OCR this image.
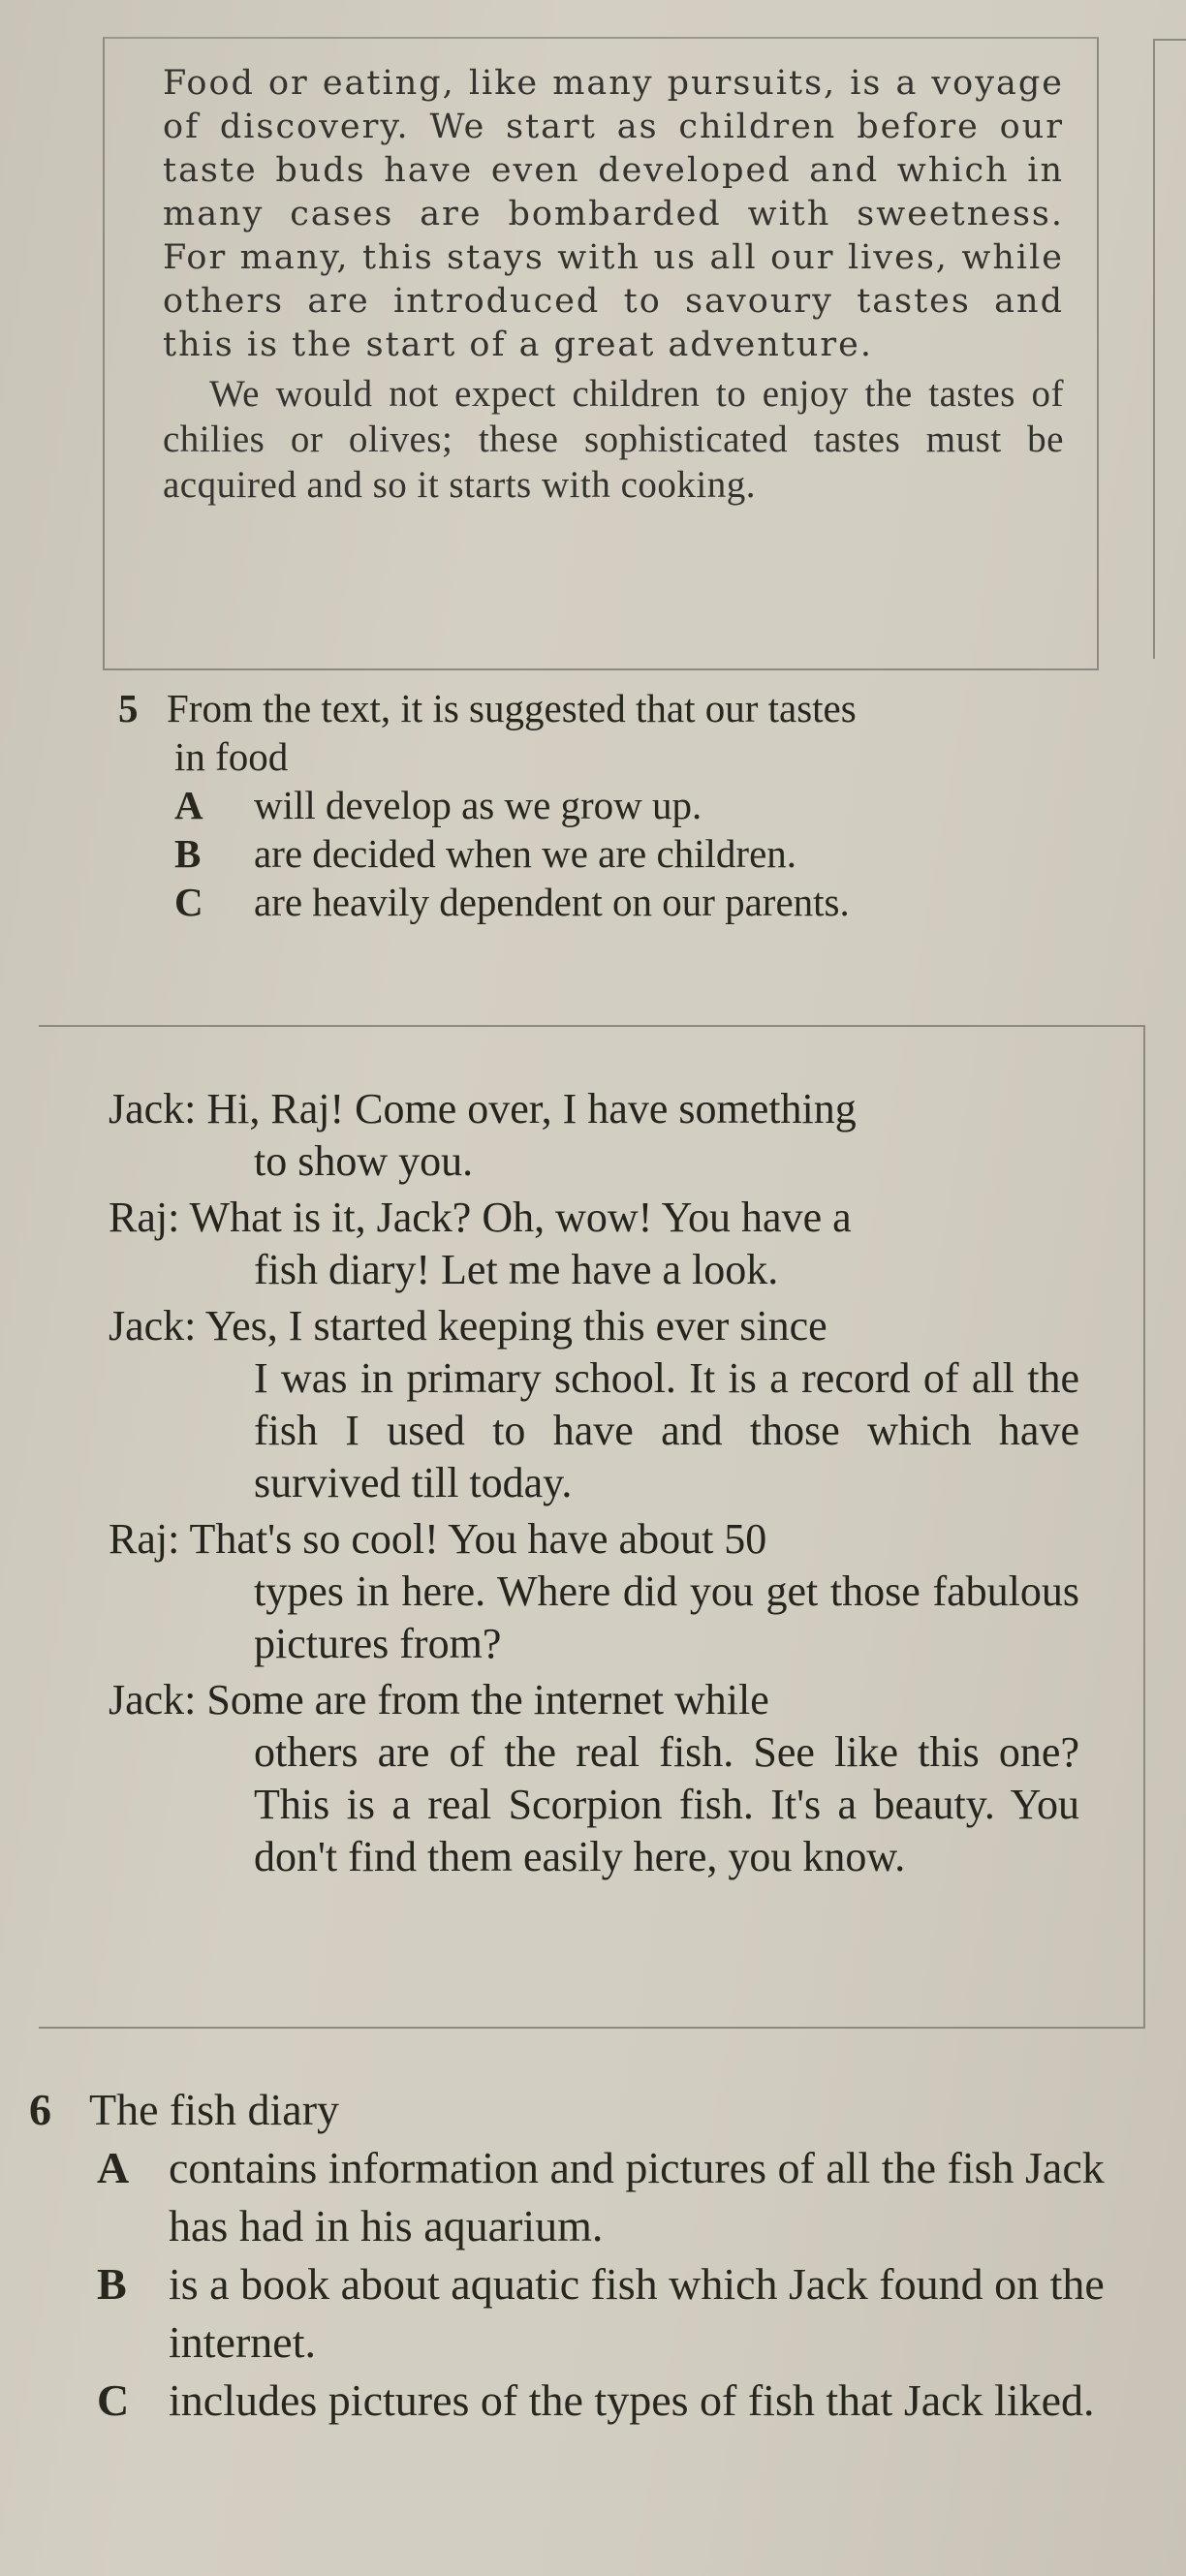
Food or eating, like many pursuits, is a voyage of discovery. We start as children before our taste buds have even developed and which in many cases are bombarded with sweetness. For many, this stays with us all our lives, while others are introduced to savoury tastes and this is the start of a great adventure.

We would not expect children to enjoy the tastes of chilies or olives; these sophisticated tastes must be acquired and so it starts with cooking.

5 From the text, it is suggested that our tastes
in food
A	will develop as we grow up.
B	are decided when we are children.
C	are heavily dependent on our parents.
Jack: Hi, Raj! Come over, I have something
to show you.
Raj: What is it, Jack? Oh, wow! You have a
fish diary! Let me have a look.
Jack: Yes, I started keeping this ever since
I was in primary school. It is a record of all the fish I used to have and those which have survived till today.
Raj: That's so cool! You have about 50
types in here. Where did you get those fabulous pictures from?
Jack: Some are from the internet while
others are of the real fish. See like this one? This is a real Scorpion fish. It's a beauty. You don't find them easily here, you know.
6 The fish diary
A contains information and pictures of all the fish Jack has had in his aquarium.
B is a book about aquatic fish which Jack found on the internet.
C includes pictures of the types of fish that Jack liked.
